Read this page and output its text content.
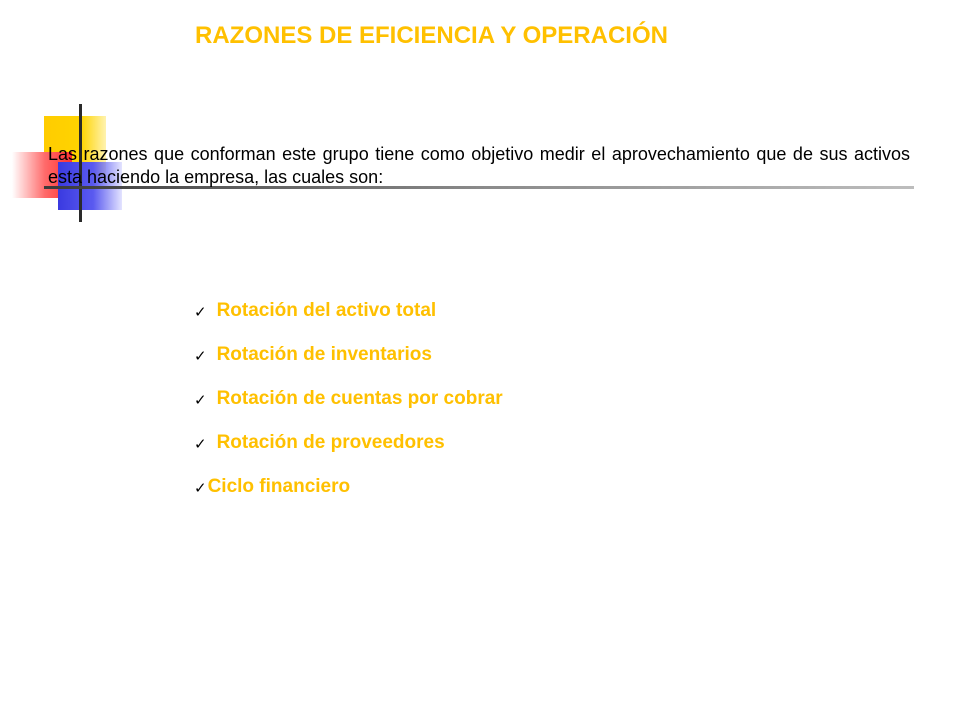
RAZONES DE EFICIENCIA Y OPERACIÓN
Las razones que conforman este grupo tiene como objetivo medir el aprovechamiento que de sus activos esta haciendo la empresa, las cuales son:
✓ Rotación del activo total
✓ Rotación de inventarios
✓ Rotación de cuentas por cobrar
✓ Rotación de proveedores
✓ Ciclo financiero
